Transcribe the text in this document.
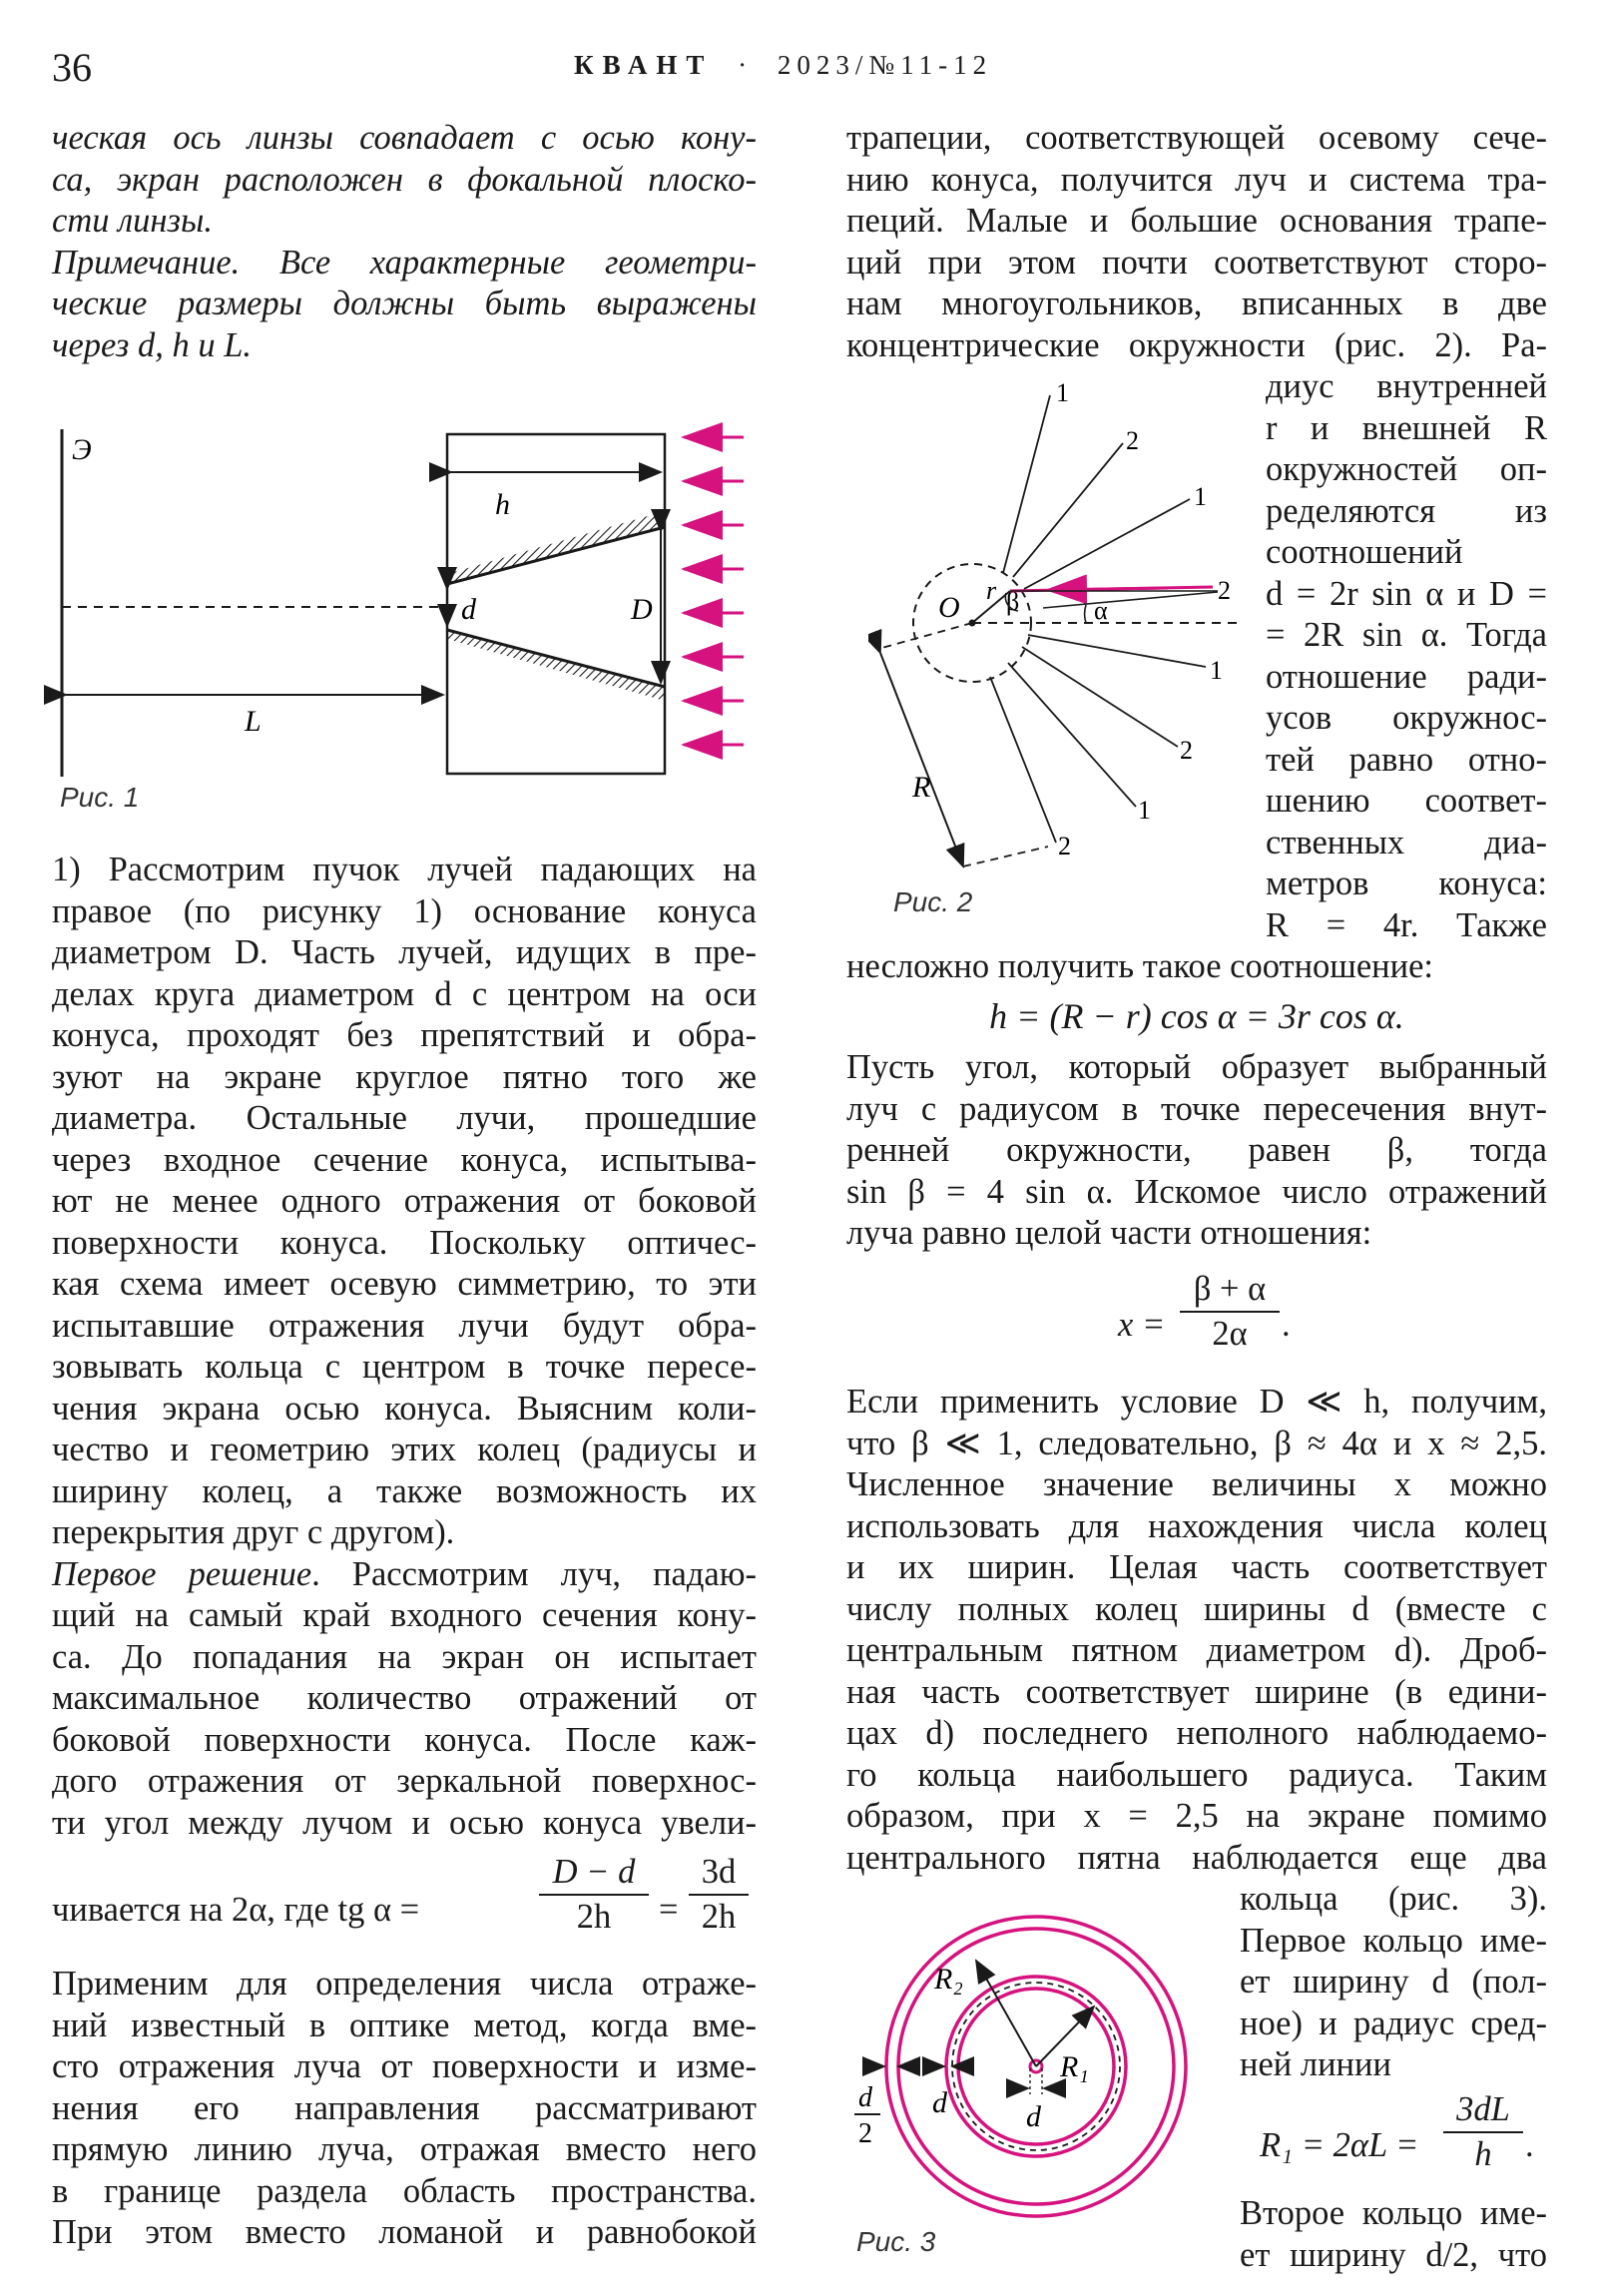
36	КВАНТ · 2023/№11-12

ческая ось линзы совпадает с осью кону-

са, экран расположен в фокальной плоско-

сти линзы.

Примечание. Все характерные геометри-

ческие размеры должны быть выражены

через d, h и L.

Э
h
d	D
L
Рис. 1

1) Рассмотрим пучок лучей падающих на

правое (по рисунку 1) основание конуса

диаметром D. Часть лучей, идущих в пре-

делах круга диаметром d с центром на оси

конуса, проходят без препятствий и обра-

зуют на экране круглое пятно того же

диаметра. Остальные лучи, прошедшие

через входное сечение конуса, испытыва-

ют не менее одного отражения от боковой

поверхности конуса. Поскольку оптичес-

кая схема имеет осевую симметрию, то эти

испытавшие отражения лучи будут обра-

зовывать кольца с центром в точке пересе-

чения экрана осью конуса. Выясним коли-

чество и геометрию этих колец (радиусы и

ширину колец, а также возможность их

перекрытия друг с другом).

Первое решение. Рассмотрим луч, падаю-

щий на самый край входного сечения кону-

са. До попадания на экран он испытает

максимальное количество отражений от

боковой поверхности конуса. После каж-

дого отражения от зеркальной поверхнос-

ти угол между лучом и осью конуса увели-

чивается на 2α, где tg α =
D − d
2h	=
3d
2h

Применим для определения числа отраже-

ний известный в оптике метод, когда вме-

сто отражения луча от поверхности и изме-

нения его направления рассматривают

прямую линию луча, отражая вместо него

в границе раздела область пространства.

При этом вместо ломаной и равнобокой

трапеции, соответствующей осевому сече-

нию конуса, получится луч и система тра-

пеций. Малые и большие основания трапе-

ций при этом почти соответствуют сторо-

нам многоугольников, вписанных в две

концентрические окружности (рис. 2). Ра-

O
r β	α
1
2
1
2
1
2
1
2
R
Рис. 2

диус внутренней

r и внешней R

окружностей оп-

ределяются из

соотношений

d = 2r sin α и D =

= 2R sin α. Тогда

отношение ради-

усов окружнос-

тей равно отно-

шению соответ-

ственных диа-

метров конуса:

R = 4r. Также

несложно получить такое соотношение:

h = (R − r) cos α = 3r cos α.

Пусть угол, который образует выбранный

луч с радиусом в точке пересечения внут-

ренней окружности, равен β, тогда

sin β = 4 sin α. Искомое число отражений

луча равно целой части отношения:

x =
β + α
2α .

Если применить условие D ≪ h, получим,

что β ≪ 1, следовательно, β ≈ 4α и x ≈ 2,5.

Численное значение величины x можно

использовать для нахождения числа колец

и их ширин. Целая часть соответствует

числу полных колец ширины d (вместе с

центральным пятном диаметром d). Дроб-

ная часть соответствует ширине (в едини-

цах d) последнего неполного наблюдаемо-

го кольца наибольшего радиуса. Таким

образом, при x = 2,5 на экране помимо

центрального пятна наблюдается еще два

R₂
R₁
d	d
d
2
Рис. 3

кольца (рис. 3).

Первое кольцо име-

ет ширину d (пол-

ное) и радиус сред-

ней линии

R₁ = 2αL =
3dL
h .

Второе кольцо име-

ет ширину d/2, что
